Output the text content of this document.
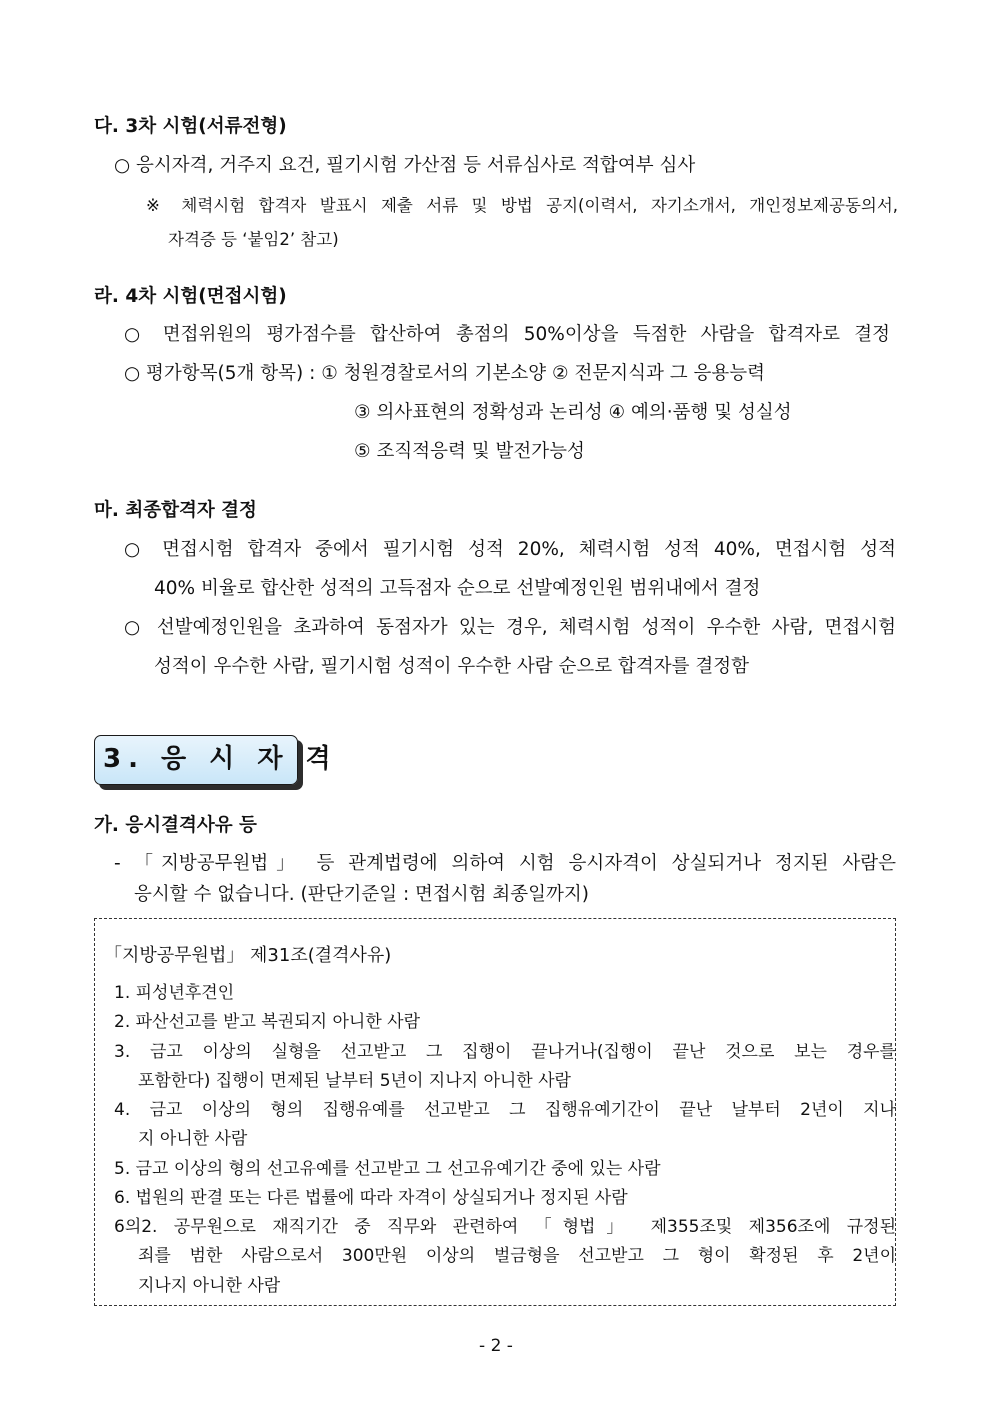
다. 3차 시험(서류전형)
○ 응시자격, 거주지 요건, 필기시험 가산점 등 서류심사로 적합여부 심사
※ 체력시험 합격자 발표시 제출 서류 및 방법 공지(이력서, 자기소개서, 개인정보제공동의서,
자격증 등 ‘붙임2’ 참고)
라. 4차 시험(면접시험)
○ 면접위원의 평가점수를 합산하여 총점의 50%이상을 득점한 사람을 합격자로 결정
○ 평가항목(5개 항목) : ① 청원경찰로서의 기본소양 ② 전문지식과 그 응용능력
③ 의사표현의 정확성과 논리성 ④ 예의·품행 및 성실성
⑤ 조직적응력 및 발전가능성
마. 최종합격자 결정
○ 면접시험 합격자 중에서 필기시험 성적 20%, 체력시험 성적 40%, 면접시험 성적
40% 비율로 합산한 성적의 고득점자 순으로 선발예정인원 범위내에서 결정
○ 선발예정인원을 초과하여 동점자가 있는 경우, 체력시험 성적이 우수한 사람, 면접시험
성적이 우수한 사람, 필기시험 성적이 우수한 사람 순으로 합격자를 결정함
3. 응 시 자 격
가. 응시결격사유 등
- 「지방공무원법」 등 관계법령에 의하여 시험 응시자격이 상실되거나 정지된 사람은
응시할 수 없습니다. (판단기준일 : 면접시험 최종일까지)
「지방공무원법」 제31조(결격사유)
1. 피성년후견인
2. 파산선고를 받고 복권되지 아니한 사람
3. 금고 이상의 실형을 선고받고 그 집행이 끝나거나(집행이 끝난 것으로 보는 경우를
포함한다) 집행이 면제된 날부터 5년이 지나지 아니한 사람
4. 금고 이상의 형의 집행유예를 선고받고 그 집행유예기간이 끝난 날부터 2년이 지나
지 아니한 사람
5. 금고 이상의 형의 선고유예를 선고받고 그 선고유예기간 중에 있는 사람
6. 법원의 판결 또는 다른 법률에 따라 자격이 상실되거나 정지된 사람
6의2. 공무원으로 재직기간 중 직무와 관련하여 「형법」 제355조및 제356조에 규정된
죄를 범한 사람으로서 300만원 이상의 벌금형을 선고받고 그 형이 확정된 후 2년이
지나지 아니한 사람
- 2 -
